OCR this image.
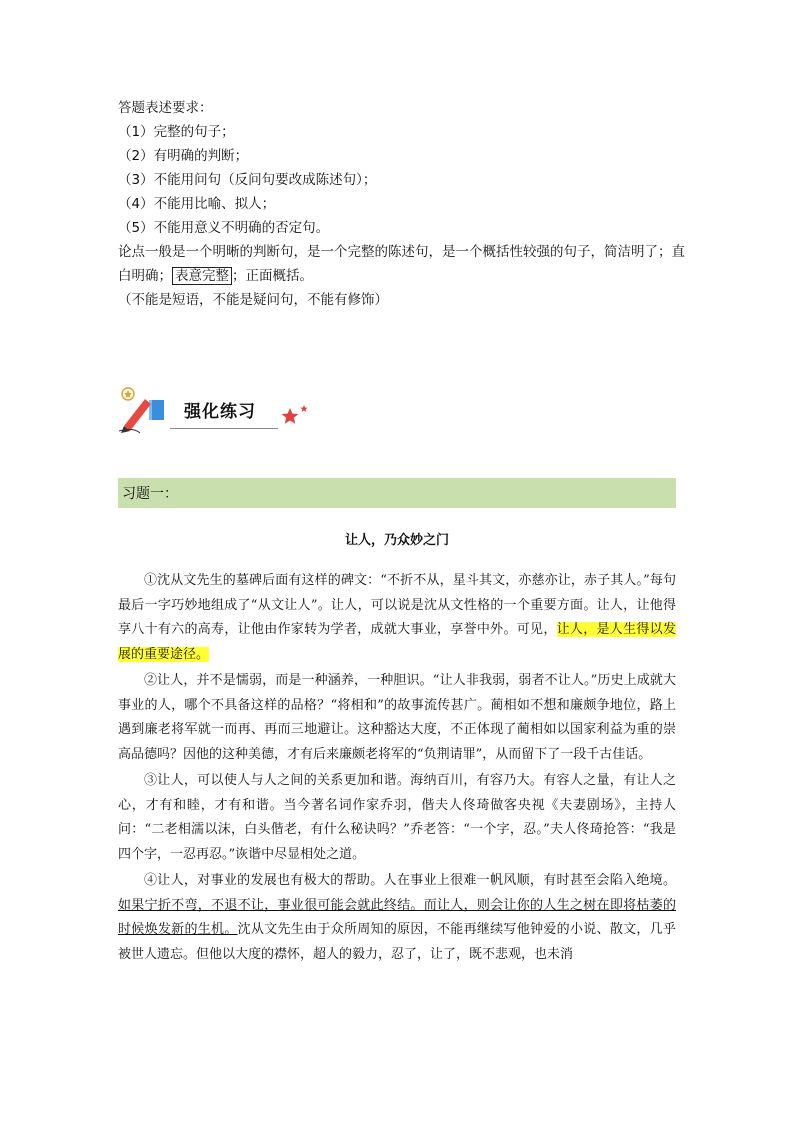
答题表述要求：

（1）完整的句子；

（2）有明确的判断；

（3）不能用问句（反问句要改成陈述句）；

（4）不能用比喻、拟人；

（5）不能用意义不明确的否定句。

论点一般是一个明晰的判断句，是一个完整的陈述句，是一个概括性较强的句子，简洁明了；直白明确； 表意完整 ；正面概括。

（不能是短语，不能是疑问句，不能有修饰）

强化练习
习题一：
让人，乃众妙之门

①沈从文先生的墓碑后面有这样的碑文：“不折不从，星斗其文，亦慈亦让，赤子其人。”每句最后一字巧妙地组成了“从文让人”。让人，可以说是沈从文性格的一个重要方面。让人，让他得享八十有六的高寿，让他由作家转为学者，成就大事业，享誉中外。可见，让人，是人生得以发展的重要途径。

②让人，并不是懦弱，而是一种涵养，一种胆识。“让人非我弱，弱者不让人。”历史上成就大事业的人，哪个不具备这样的品格？“将相和”的故事流传甚广。蔺相如不想和廉颇争地位，路上遇到廉老将军就一而再、再而三地避让。这种豁达大度，不正体现了蔺相如以国家利益为重的崇高品德吗？因他的这种美德，才有后来廉颇老将军的“负荆请罪”，从而留下了一段千古佳话。

③让人，可以使人与人之间的关系更加和谐。海纳百川，有容乃大。有容人之量，有让人之心，才有和睦，才有和谐。当今著名词作家乔羽，偕夫人佟琦做客央视《夫妻剧场》，主持人问：“二老相濡以沫，白头偕老，有什么秘诀吗？”乔老答：“一个字，忍。”夫人佟琦抢答：“我是四个字，一忍再忍。”诙谐中尽显相处之道。

④让人，对事业的发展也有极大的帮助。人在事业上很难一帆风顺，有时甚至会陷入绝境。如果宁折不弯，不退不让，事业很可能会就此终结。而让人，则会让你的人生之树在即将枯萎的时候焕发新的生机。沈从文先生由于众所周知的原因，不能再继续写他钟爱的小说、散文，几乎被世人遗忘。但他以大度的襟怀，超人的毅力，忍了，让了，既不悲观，也未消
